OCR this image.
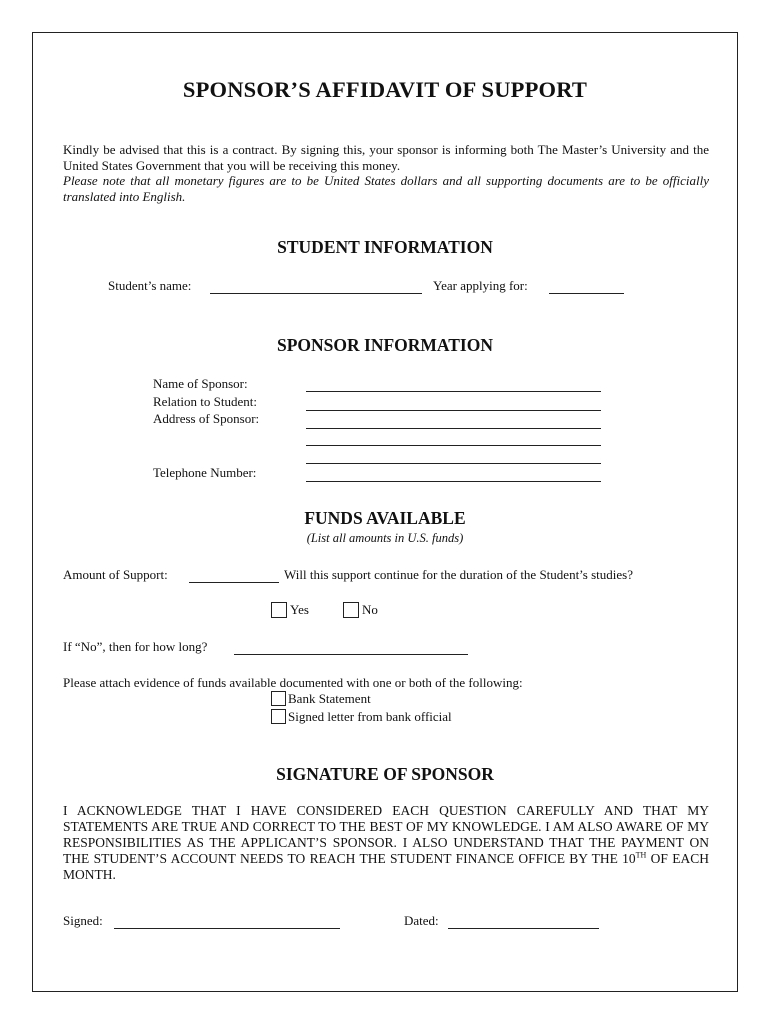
SPONSOR’S AFFIDAVIT OF SUPPORT
Kindly be advised that this is a contract. By signing this, your sponsor is informing both The Master’s University and the United States Government that you will be receiving this money.
Please note that all monetary figures are to be United States dollars and all supporting documents are to be officially translated into English.
STUDENT INFORMATION
Student’s name:	Year applying for:
SPONSOR INFORMATION
Name of Sponsor:
Relation to Student:
Address of Sponsor:
Telephone Number:
FUNDS AVAILABLE
(List all amounts in U.S. funds)
Amount of Support:	Will this support continue for the duration of the Student’s studies?
Yes	No
If “No”, then for how long?
Please attach evidence of funds available documented with one or both of the following:
Bank Statement
Signed letter from bank official
SIGNATURE OF SPONSOR
I ACKNOWLEDGE THAT I HAVE CONSIDERED EACH QUESTION CAREFULLY AND THAT MY STATEMENTS ARE TRUE AND CORRECT TO THE BEST OF MY KNOWLEDGE. I AM ALSO AWARE OF MY RESPONSIBILITIES AS THE APPLICANT’S SPONSOR. I ALSO UNDERSTAND THAT THE PAYMENT ON THE STUDENT’S ACCOUNT NEEDS TO REACH THE STUDENT FINANCE OFFICE BY THE 10TH OF EACH MONTH.
Signed:	Dated:
